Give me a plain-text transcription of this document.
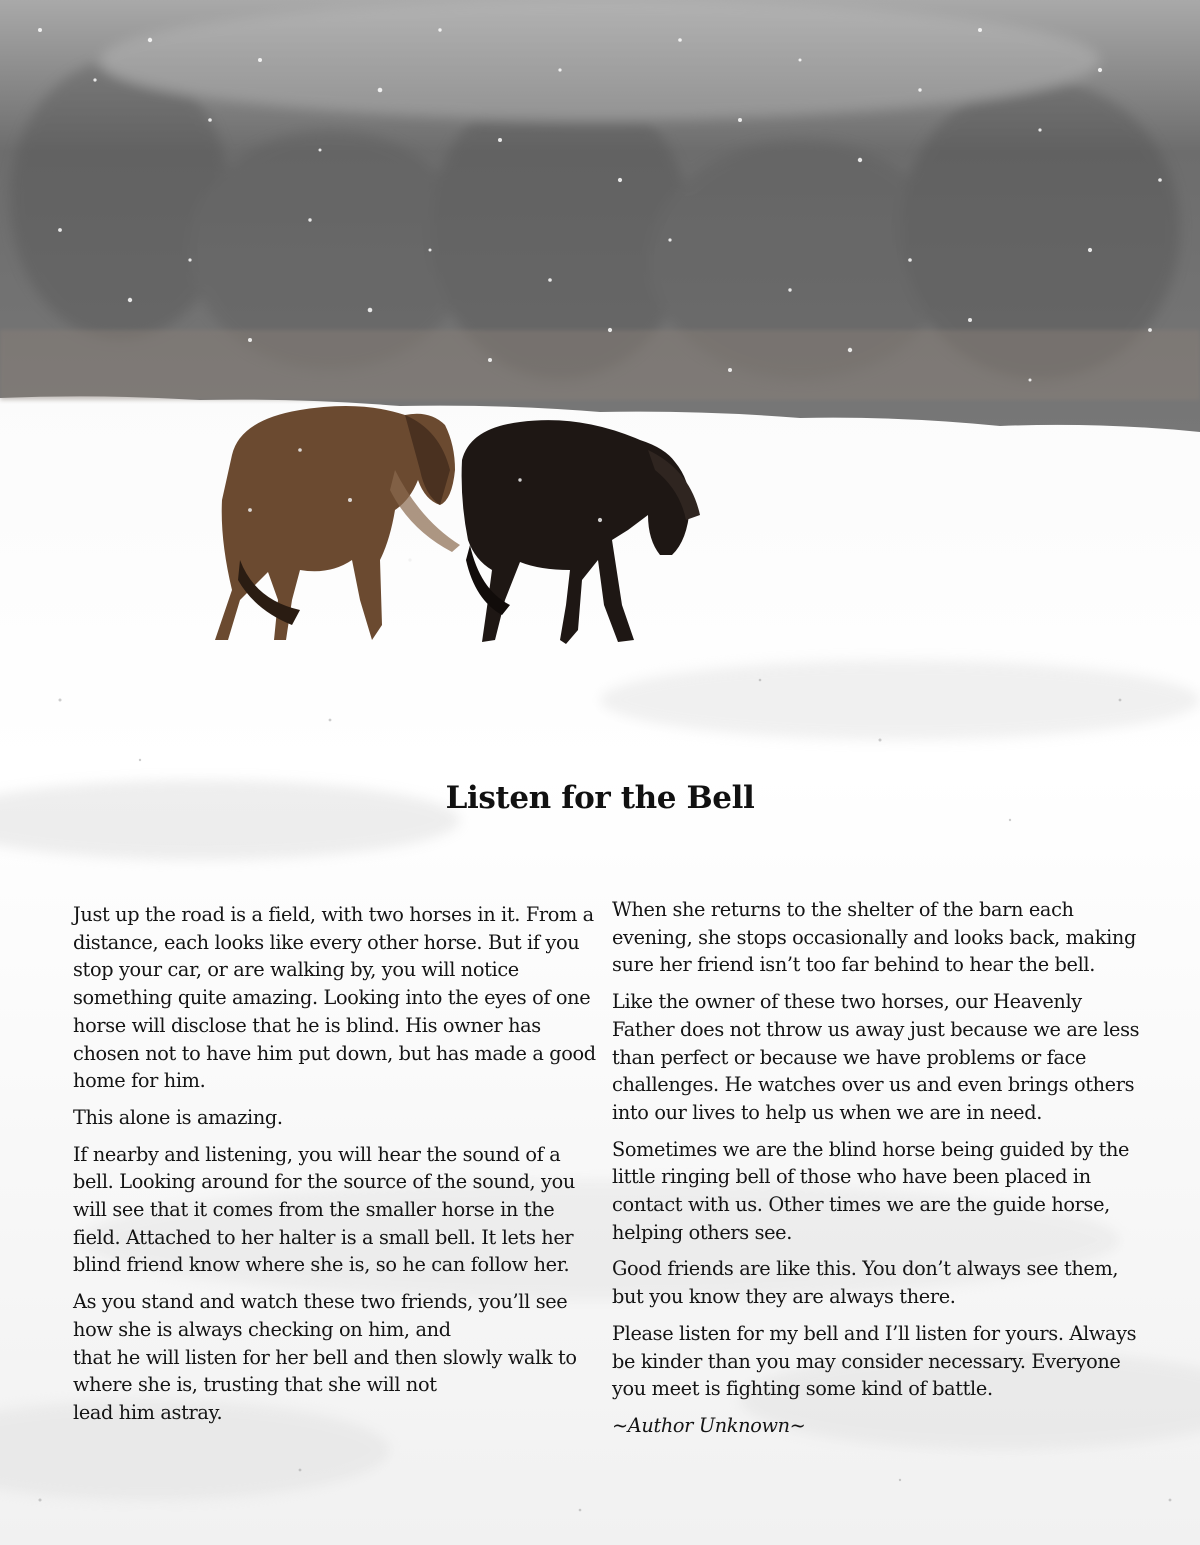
Listen for the Bell

Just up the road is a field, with two horses in it. From a distance, each looks like every other horse. But if you stop your car, or are walking by, you will notice something quite amazing. Looking into the eyes of one horse will disclose that he is blind. His owner has chosen not to have him put down, but has made a good home for him.

This alone is amazing.

If nearby and listening, you will hear the sound of a bell. Looking around for the source of the sound, you will see that it comes from the smaller horse in the field. Attached to her halter is a small bell. It lets her blind friend know where she is, so he can follow her.

As you stand and watch these two friends, you’ll see how she is always checking on him, and
that he will listen for her bell and then slowly walk to where she is, trusting that she will not
lead him astray.

When she returns to the shelter of the barn each evening, she stops occasionally and looks back, making sure her friend isn’t too far behind to hear the bell.

Like the owner of these two horses, our Heavenly Father does not throw us away just because we are less than perfect or because we have problems or face challenges. He watches over us and even brings others into our lives to help us when we are in need.

Sometimes we are the blind horse being guided by the little ringing bell of those who have been placed in contact with us. Other times we are the guide horse, helping others see.

Good friends are like this. You don’t always see them, but you know they are always there.

Please listen for my bell and I’ll listen for yours. Always be kinder than you may consider necessary. Everyone you meet is fighting some kind of battle.

~Author Unknown~
